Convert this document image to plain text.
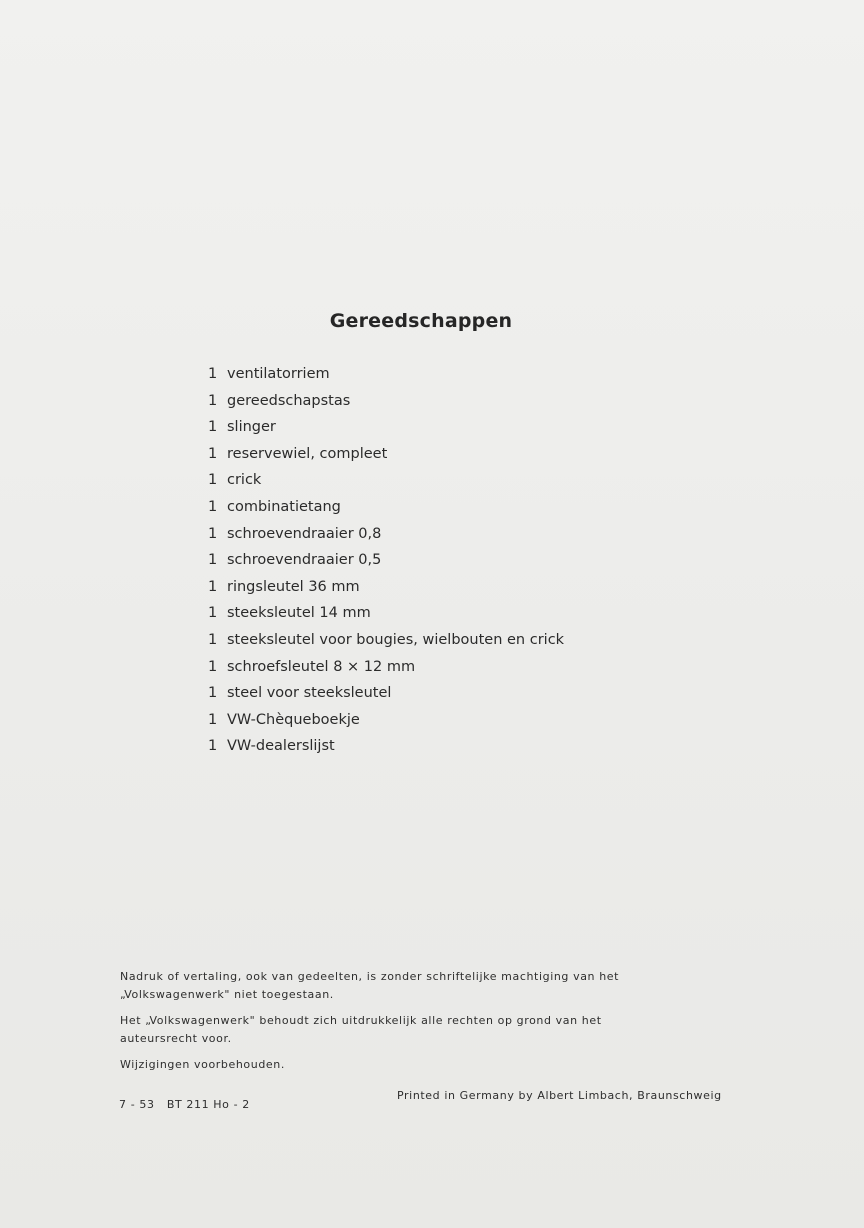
Gereedschappen
1 ventilatorriem
1 gereedschapstas
1 slinger
1 reservewiel, compleet
1 crick
1 combinatietang
1 schroevendraaier 0,8
1 schroevendraaier 0,5
1 ringsleutel 36 mm
1 steeksleutel 14 mm
1 steeksleutel voor bougies, wielbouten en crick
1 schroefsleutel 8 × 12 mm
1 steel voor steeksleutel
1 VW-Chèqueboekje
1 VW-dealerslijst

Nadruk of vertaling, ook van gedeelten, is zonder schriftelijke machtiging van het „Volkswagenwerk" niet toegestaan.

Het „Volkswagenwerk" behoudt zich uitdrukkelijk alle rechten op grond van het auteursrecht voor.

Wijzigingen voorbehouden.

7 - 53   BT 211 Ho - 2
Printed in Germany by Albert Limbach, Braunschweig
